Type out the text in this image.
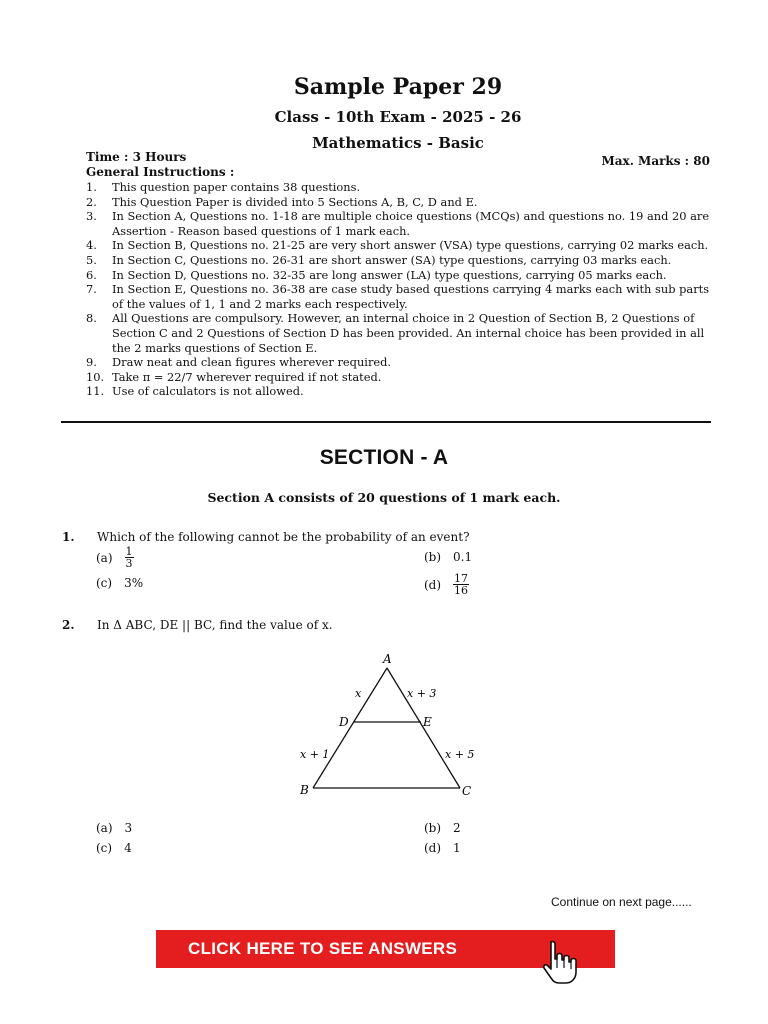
Sample Paper 29
Class - 10th Exam - 2025 - 26
Mathematics - Basic
Time : 3 Hours	Max. Marks : 80
General Instructions :
1.	This question paper contains 38 questions.
2.	This Question Paper is divided into 5 Sections A, B, C, D and E.
3.	In Section A, Questions no. 1-18 are multiple choice questions (MCQs) and questions no. 19 and 20 are Assertion - Reason based questions of 1 mark each.
4.	In Section B, Questions no. 21-25 are very short answer (VSA) type questions, carrying 02 marks each.
5.	In Section C, Questions no. 26-31 are short answer (SA) type questions, carrying 03 marks each.
6.	In Section D, Questions no. 32-35 are long answer (LA) type questions, carrying 05 marks each.
7.	In Section E, Questions no. 36-38 are case study based questions carrying 4 marks each with sub parts of the values of 1, 1 and 2 marks each respectively.
8.	All Questions are compulsory. However, an internal choice in 2 Question of Section B, 2 Questions of Section C and 2 Questions of Section D has been provided. An internal choice has been provided in all the 2 marks questions of Section E.
9.	Draw neat and clean figures wherever required.
10. Take π = 22/7 wherever required if not stated.
11. Use of calculators is not allowed.
SECTION - A
Section A consists of 20 questions of 1 mark each.
1. Which of the following cannot be the probability of an event?
$(a) \frac{1}{3}$	(b) 0.1
(c) 3%	$(d) \frac{17}{16}$
2. In Δ ABC, DE || BC, find the value of x.
A
B	C
D	E
x	x + 3
x + 1	x + 5
(a) 3	(b) 2
(c) 4	(d) 1
Continue on next page......
CLICK HERE TO SEE ANSWERS
